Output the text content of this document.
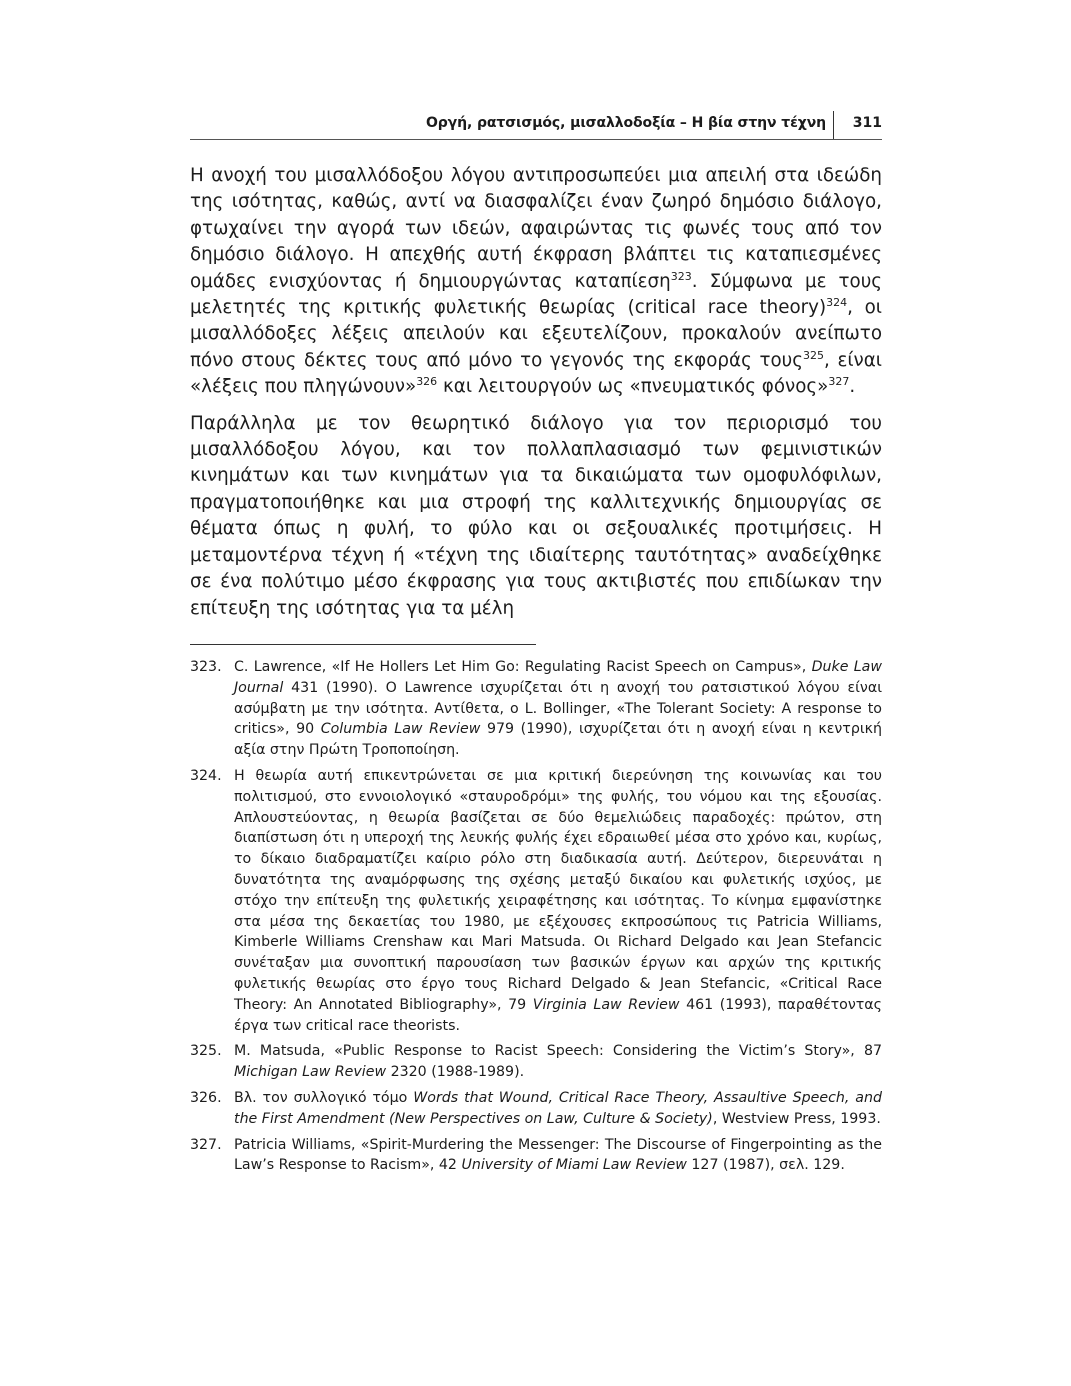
Οργή, ρατσισμός, μισαλλοδοξία – Η βία στην τέχνη 311

Η ανοχή του μισαλλόδοξου λόγου αντιπροσωπεύει μια απειλή στα ιδεώδη της ισότητας, καθώς, αντί να διασφαλίζει έναν ζωηρό δημόσιο διάλογο, φτωχαίνει την αγορά των ιδεών, αφαιρώντας τις φωνές τους από τον δημόσιο διάλογο. Η απεχθής αυτή έκφραση βλάπτει τις καταπιεσμένες ομάδες ενισχύοντας ή δημιουργώντας καταπίεση$^{323}$. Σύμφωνα με τους μελετητές της κριτικής φυλετικής θεωρίας (critical race theory)$^{324}$, οι μισαλλόδοξες λέξεις απειλούν και εξευτελίζουν, προκαλούν ανείπωτο πόνο στους δέκτες τους από μόνο το γεγονός της εκφοράς τους$^{325}$, είναι «λέξεις που πληγώνουν»$^{326}$ και λειτουργούν ως «πνευματικός φόνος»$^{327}$.

Παράλληλα με τον θεωρητικό διάλογο για τον περιορισμό του μισαλλόδοξου λόγου, και τον πολλαπλασιασμό των φεμινιστικών κινημάτων και των κινημάτων για τα δικαιώματα των ομοφυλόφιλων, πραγματοποιήθηκε και μια στροφή της καλλιτεχνικής δημιουργίας σε θέματα όπως η φυλή, το φύλο και οι σεξουαλικές προτιμήσεις. Η μεταμοντέρνα τέχνη ή «τέχνη της ιδιαίτερης ταυτότητας» αναδείχθηκε σε ένα πολύτιμο μέσο έκφρασης για τους ακτιβιστές που επιδίωκαν την επίτευξη της ισότητας για τα μέλη

323. C. Lawrence, «If He Hollers Let Him Go: Regulating Racist Speech on Campus», Duke Law Journal 431 (1990). Ο Lawrence ισχυρίζεται ότι η ανοχή του ρατσιστικού λόγου είναι ασύμβατη με την ισότητα. Αντίθετα, ο L. Bollinger, «The Tolerant Society: A response to critics», 90 Columbia Law Review 979 (1990), ισχυρίζεται ότι η ανοχή είναι η κεντρική αξία στην Πρώτη Τροποποίηση.
324. Η θεωρία αυτή επικεντρώνεται σε μια κριτική διερεύνηση της κοινωνίας και του πολιτισμού, στο εννοιολογικό «σταυροδρόμι» της φυλής, του νόμου και της εξουσίας. Απλουστεύοντας, η θεωρία βασίζεται σε δύο θεμελιώδεις παραδοχές: πρώτον, στη διαπίστωση ότι η υπεροχή της λευκής φυλής έχει εδραιωθεί μέσα στο χρόνο και, κυρίως, το δίκαιο διαδραματίζει καίριο ρόλο στη διαδικασία αυτή. Δεύτερον, διερευνάται η δυνατότητα της αναμόρφωσης της σχέσης μεταξύ δικαίου και φυλετικής ισχύος, με στόχο την επίτευξη της φυλετικής χειραφέτησης και ισότητας. Το κίνημα εμφανίστηκε στα μέσα της δεκαετίας του 1980, με εξέχουσες εκπροσώπους τις Patricia Williams, Kimberle Williams Crenshaw και Mari Matsuda. Οι Richard Delgado και Jean Stefancic συνέταξαν μια συνοπτική παρουσίαση των βασικών έργων και αρχών της κριτικής φυλετικής θεωρίας στο έργο τους Richard Delgado & Jean Stefancic, «Critical Race Theory: An Annotated Bibliography», 79 Virginia Law Review 461 (1993), παραθέτοντας έργα των critical race theorists.
325. M. Matsuda, «Public Response to Racist Speech: Considering the Victim’s Story», 87 Michigan Law Review 2320 (1988-1989).
326. Βλ. τον συλλογικό τόμο Words that Wound, Critical Race Theory, Assaultive Speech, and the First Amendment (New Perspectives on Law, Culture & Society), Westview Press, 1993.
327. Patricia Williams, «Spirit-Murdering the Messenger: The Discourse of Fingerpointing as the Law’s Response to Racism», 42 University of Miami Law Review 127 (1987), σελ. 129.
